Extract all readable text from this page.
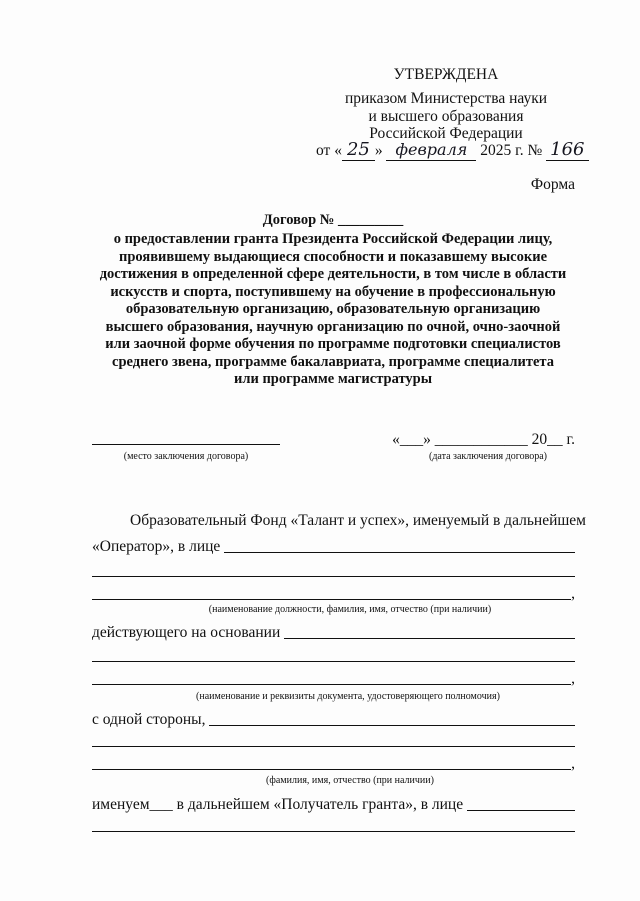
УТВЕРЖДЕНА
приказом Министерства науки
и высшего образования
Российской Федерации
от « 25 » февраля 2025 г. № 166
Форма
Договор № _________
о предоставлении гранта Президента Российской Федерации лицу,
проявившему выдающиеся способности и показавшему высокие
достижения в определенной сфере деятельности, в том числе в области
искусств и спорта, поступившему на обучение в профессиональную
образовательную организацию, образовательную организацию
высшего образования, научную организацию по очной, очно-заочной
или заочной форме обучения по программе подготовки специалистов
среднего звена, программе бакалавриата, программе специалитета
или программе магистратуры
«___» ____________ 20__ г.
(место заключения договора)	(дата заключения договора)
Образовательный Фонд «Талант и успех», именуемый в дальнейшем
«Оператор», в лице
,
(наименование должности, фамилия, имя, отчество (при наличии)
действующего на основании
,
(наименование и реквизиты документа, удостоверяющего полномочия)
с одной стороны,
,
(фамилия, имя, отчество (при наличии)
именуем___ в дальнейшем «Получатель гранта», в лице
